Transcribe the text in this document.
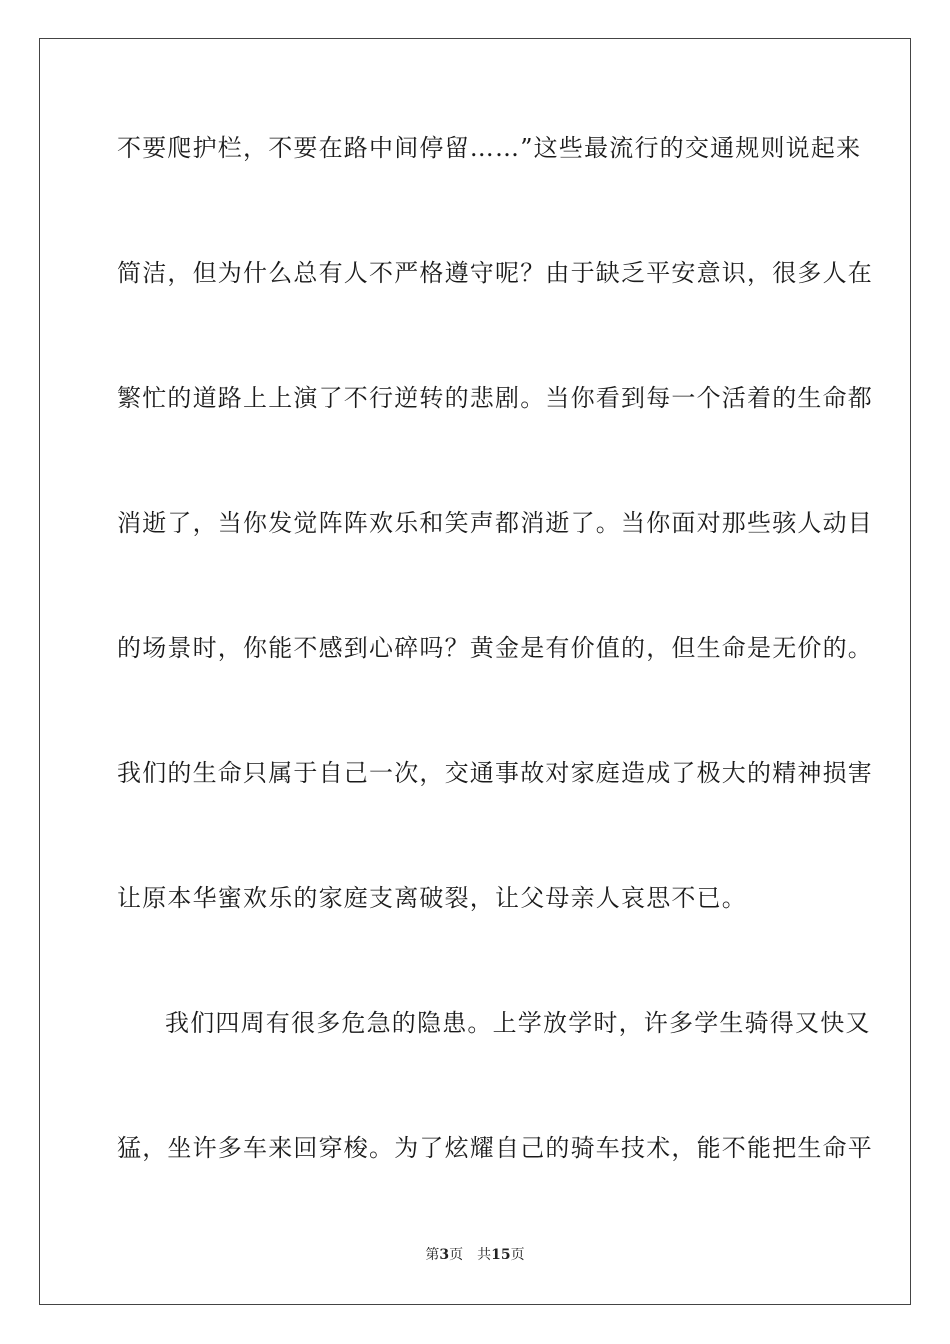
不要爬护栏，不要在路中间停留……”这些最流行的交通规则说起来
简洁，但为什么总有人不严格遵守呢？由于缺乏平安意识，很多人在
繁忙的道路上上演了不行逆转的悲剧。当你看到每一个活着的生命都
消逝了，当你发觉阵阵欢乐和笑声都消逝了。当你面对那些骇人动目
的场景时，你能不感到心碎吗？黄金是有价值的，但生命是无价的。
我们的生命只属于自己一次，交通事故对家庭造成了极大的精神损害
让原本华蜜欢乐的家庭支离破裂，让父母亲人哀思不已。
我们四周有很多危急的隐患。上学放学时，许多学生骑得又快又
猛，坐许多车来回穿梭。为了炫耀自己的骑车技术，能不能把生命平
第3页 共15页
